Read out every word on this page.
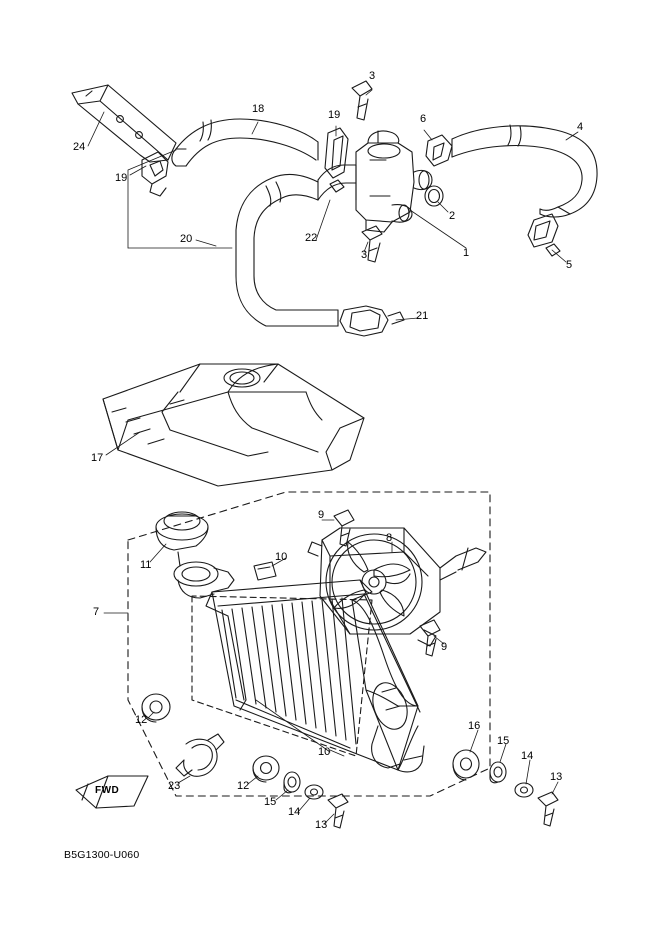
3
18	19	6
4
24
19
2
20	22
3	1
5
21
17
9
8
11
10
7
9
12	16
15
10	14
23	12
13
15
14
13
FWD
B5G1300-U060
